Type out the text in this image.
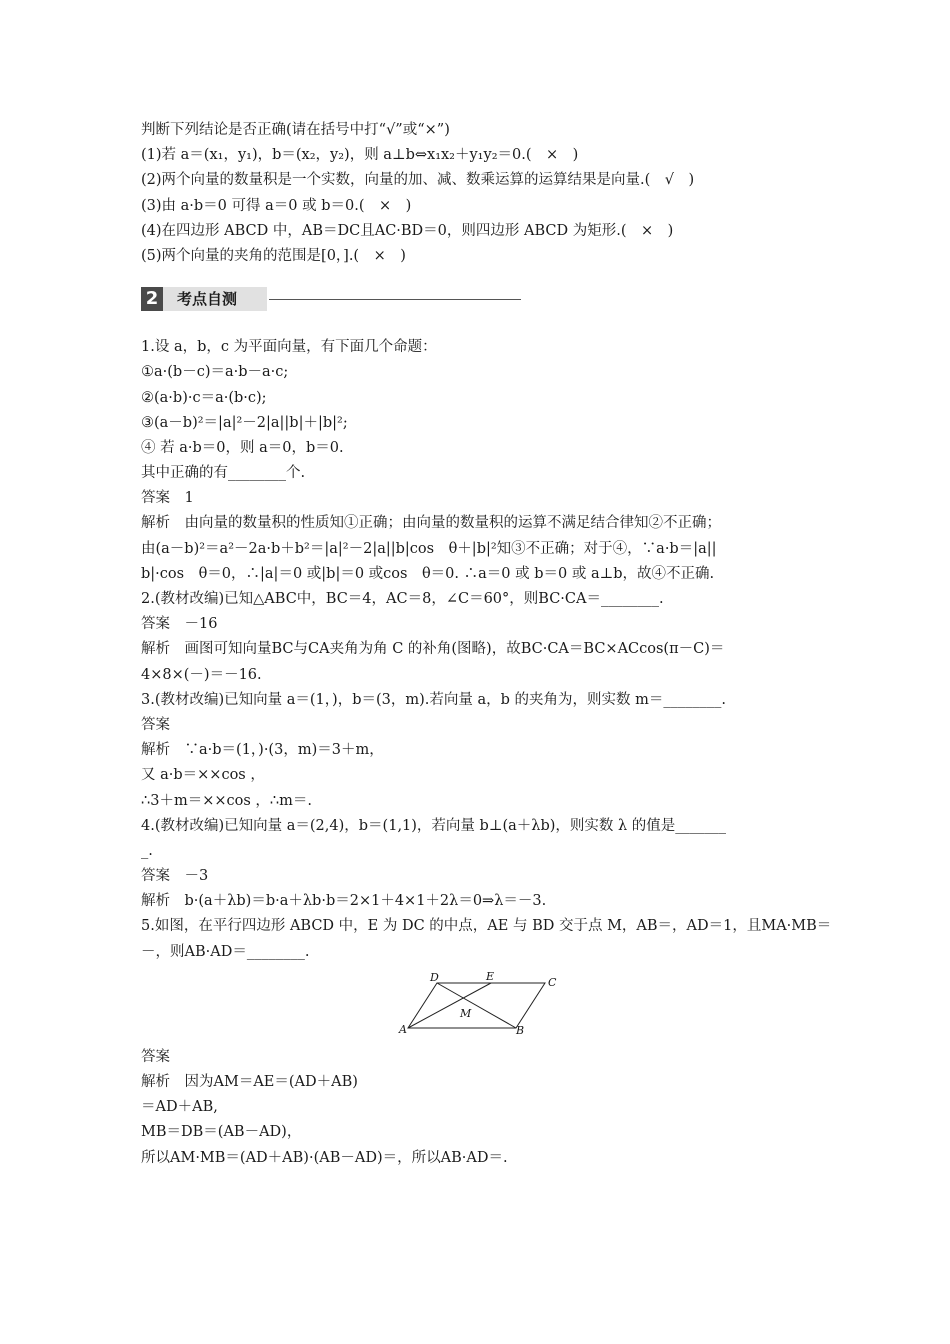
判断下列结论是否正确(请在括号中打“√”或“×”)
(1)若 a＝(x₁，y₁)，b＝(x₂，y₂)，则 a⊥b⇔x₁x₂＋y₁y₂＝0.(　×　)
(2)两个向量的数量积是一个实数，向量的加、减、数乘运算的运算结果是向量.(　√　)
(3)由 a·b＝0 可得 a＝0 或 b＝0.(　×　)
(4)在四边形 ABCD 中，AB＝DC且AC·BD＝0，则四边形 ABCD 为矩形.(　×　)
(5)两个向量的夹角的范围是[0，].(　×　)
2	考点自测
1.设 a，b，c 为平面向量，有下面几个命题：
①a·(b－c)＝a·b－a·c;
②(a·b)·c＝a·(b·c);
③(a－b)²＝|a|²－2|a||b|＋|b|²;
④ 若 a·b＝0，则 a＝0，b＝0.
其中正确的有________个.
答案　1
解析　由向量的数量积的性质知①正确；由向量的数量积的运算不满足结合律知②不正确；
由(a－b)²＝a²－2a·b＋b²＝|a|²－2|a||b|cos　θ＋|b|²知③不正确；对于④，∵a·b＝|a||
b|·cos　θ＝0，∴|a|＝0 或|b|＝0 或cos　θ＝0. ∴a＝0 或 b＝0 或 a⊥b，故④不正确.
2.(教材改编)已知△ABC中，BC＝4，AC＝8，∠C＝60°，则BC·CA＝________.
答案　－16
解析　画图可知向量BC与CA夹角为角 C 的补角(图略)，故BC·CA＝BC×ACcos(π－C)＝
4×8×(－)＝－16.
3.(教材改编)已知向量 a＝(1，)，b＝(3，m).若向量 a，b 的夹角为，则实数 m＝________.
答案
解析　∵a·b＝(1，)·(3，m)＝3＋m，
又 a·b＝××cos ，
∴3＋m＝××cos ，∴m＝.
4.(教材改编)已知向量 a＝(2,4)，b＝(1,1)，若向量 b⊥(a＋λb)，则实数 λ 的值是_______
_.
答案　－3
解析　b·(a＋λb)＝b·a＋λb·b＝2×1＋4×1＋2λ＝0⇒λ＝－3.
5.如图，在平行四边形 ABCD 中，E 为 DC 的中点，AE 与 BD 交于点 M，AB＝，AD＝1，且MA·MB＝
－，则AB·AD＝________.
A	B
C
D	E
M
答案
解析　因为AM＝AE＝(AD＋AB)
＝AD＋AB,
MB＝DB＝(AB－AD)，
所以AM·MB＝(AD＋AB)·(AB－AD)＝，所以AB·AD＝.
